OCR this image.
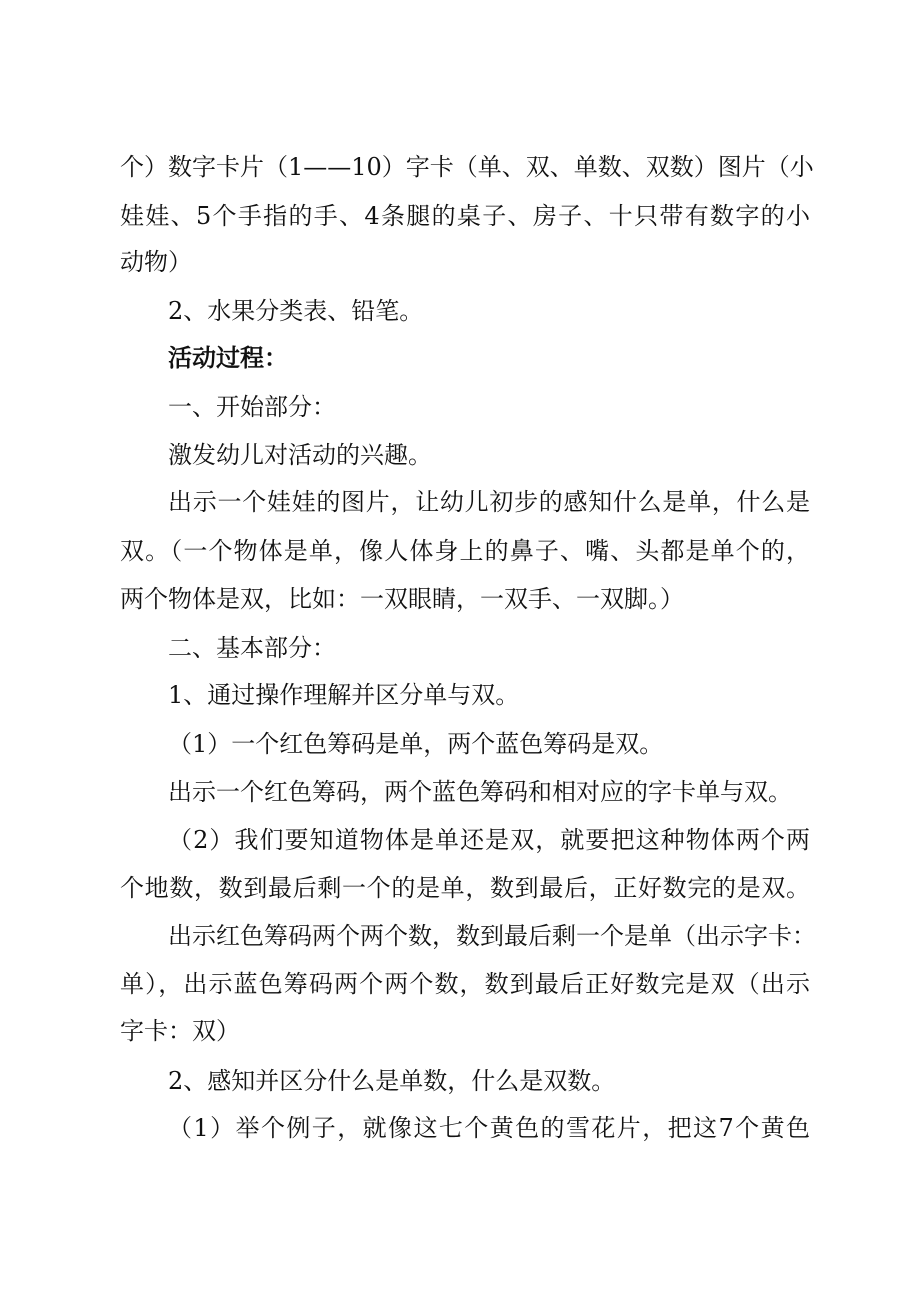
个）数字卡片（1——10）字卡（单、双、单数、双数）图片（小
娃娃、5个手指的手、4条腿的桌子、房子、十只带有数字的小
动物）
2、水果分类表、铅笔。
活动过程：
一、开始部分：
激发幼儿对活动的兴趣。
出示一个娃娃的图片，让幼儿初步的感知什么是单，什么是
双。（一个物体是单，像人体身上的鼻子、嘴、头都是单个的，
两个物体是双，比如：一双眼睛，一双手、一双脚。）
二、基本部分：
1、通过操作理解并区分单与双。
（1）一个红色筹码是单，两个蓝色筹码是双。
出示一个红色筹码，两个蓝色筹码和相对应的字卡单与双。
（2）我们要知道物体是单还是双，就要把这种物体两个两
个地数，数到最后剩一个的是单，数到最后，正好数完的是双。
出示红色筹码两个两个数，数到最后剩一个是单（出示字卡：
单），出示蓝色筹码两个两个数，数到最后正好数完是双（出示
字卡：双）
2、感知并区分什么是单数，什么是双数。
（1）举个例子，就像这七个黄色的雪花片，把这7个黄色
